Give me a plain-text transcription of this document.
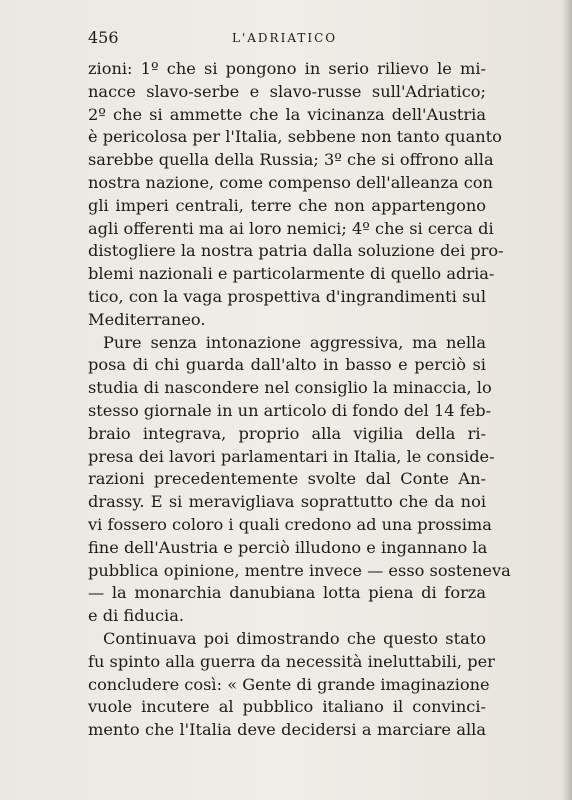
456	L'ADRIATICO
zioni: 1º che si pongono in serio rilievo le mi-
nacce slavo-serbe e slavo-russe sull'Adriatico;
2º che si ammette che la vicinanza dell'Austria
è pericolosa per l'Italia, sebbene non tanto quanto
sarebbe quella della Russia; 3º che si offrono alla
nostra nazione, come compenso dell'alleanza con
gli imperi centrali, terre che non appartengono
agli offerenti ma ai loro nemici; 4º che si cerca di
distogliere la nostra patria dalla soluzione dei pro-
blemi nazionali e particolarmente di quello adria-
tico, con la vaga prospettiva d'ingrandimenti sul
Mediterraneo.
Pure senza intonazione aggressiva, ma nella
posa di chi guarda dall'alto in basso e perciò si
studia di nascondere nel consiglio la minaccia, lo
stesso giornale in un articolo di fondo del 14 feb-
braio integrava, proprio alla vigilia della ri-
presa dei lavori parlamentari in Italia, le conside-
razioni precedentemente svolte dal Conte An-
drassy. E si meravigliava soprattutto che da noi
vi fossero coloro i quali credono ad una prossima
fine dell'Austria e perciò illudono e ingannano la
pubblica opinione, mentre invece — esso sosteneva
— la monarchia danubiana lotta piena di forza
e di fiducia.
Continuava poi dimostrando che questo stato
fu spinto alla guerra da necessità ineluttabili, per
concludere così: « Gente di grande imaginazione
vuole incutere al pubblico italiano il convinci-
mento che l'Italia deve decidersi a marciare alla
